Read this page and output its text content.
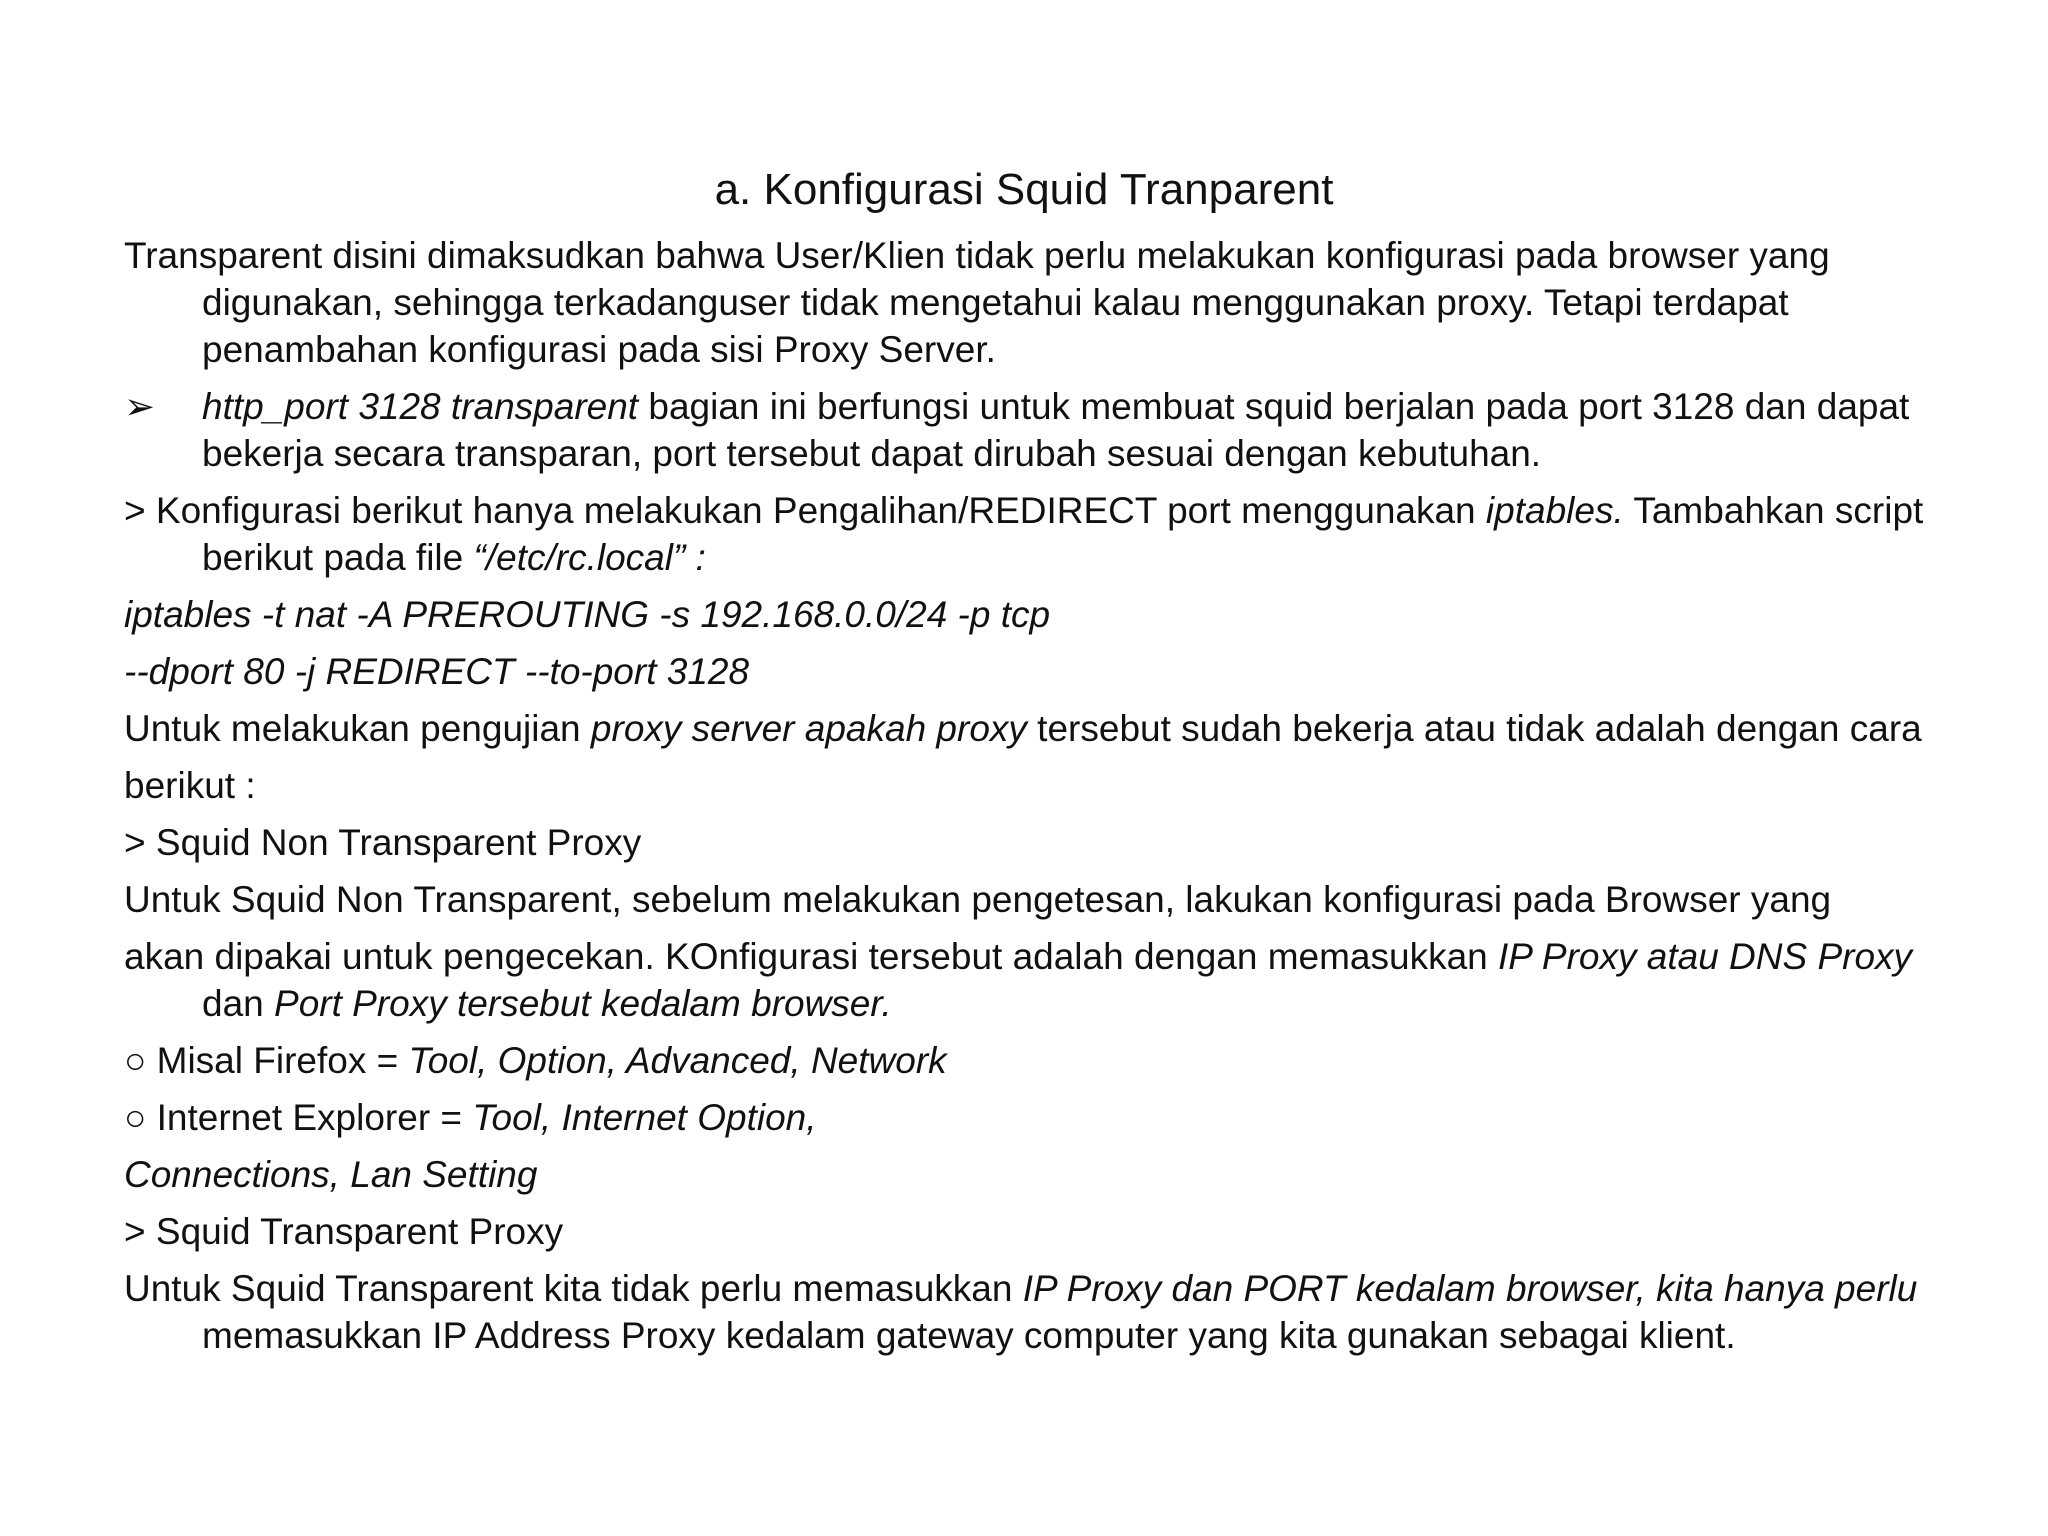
a. Konfigurasi Squid Tranparent

Transparent disini dimaksudkan bahwa User/Klien tidak perlu melakukan konfigurasi pada browser yang digunakan, sehingga terkadanguser tidak mengetahui kalau menggunakan proxy. Tetapi terdapat penambahan konfigurasi pada sisi Proxy Server.

➢ http_port 3128 transparent bagian ini berfungsi untuk membuat squid berjalan pada port 3128 dan dapat bekerja secara transparan, port tersebut dapat dirubah sesuai dengan kebutuhan.

> Konfigurasi berikut hanya melakukan Pengalihan/REDIRECT port menggunakan iptables. Tambahkan script berikut pada file “/etc/rc.local” :

iptables -t nat -A PREROUTING -s 192.168.0.0/24 -p tcp

--dport 80 -j REDIRECT --to-port 3128

Untuk melakukan pengujian proxy server apakah proxy tersebut sudah bekerja atau tidak adalah dengan cara

berikut :

> Squid Non Transparent Proxy

Untuk Squid Non Transparent, sebelum melakukan pengetesan, lakukan konfigurasi pada Browser yang

akan dipakai untuk pengecekan. KOnfigurasi tersebut adalah dengan memasukkan IP Proxy atau DNS Proxy dan Port Proxy tersebut kedalam browser.

○ Misal Firefox = Tool, Option, Advanced, Network

○ Internet Explorer = Tool, Internet Option,

Connections, Lan Setting

> Squid Transparent Proxy

Untuk Squid Transparent kita tidak perlu memasukkan IP Proxy dan PORT kedalam browser, kita hanya perlu memasukkan IP Address Proxy kedalam gateway computer yang kita gunakan sebagai klient.
